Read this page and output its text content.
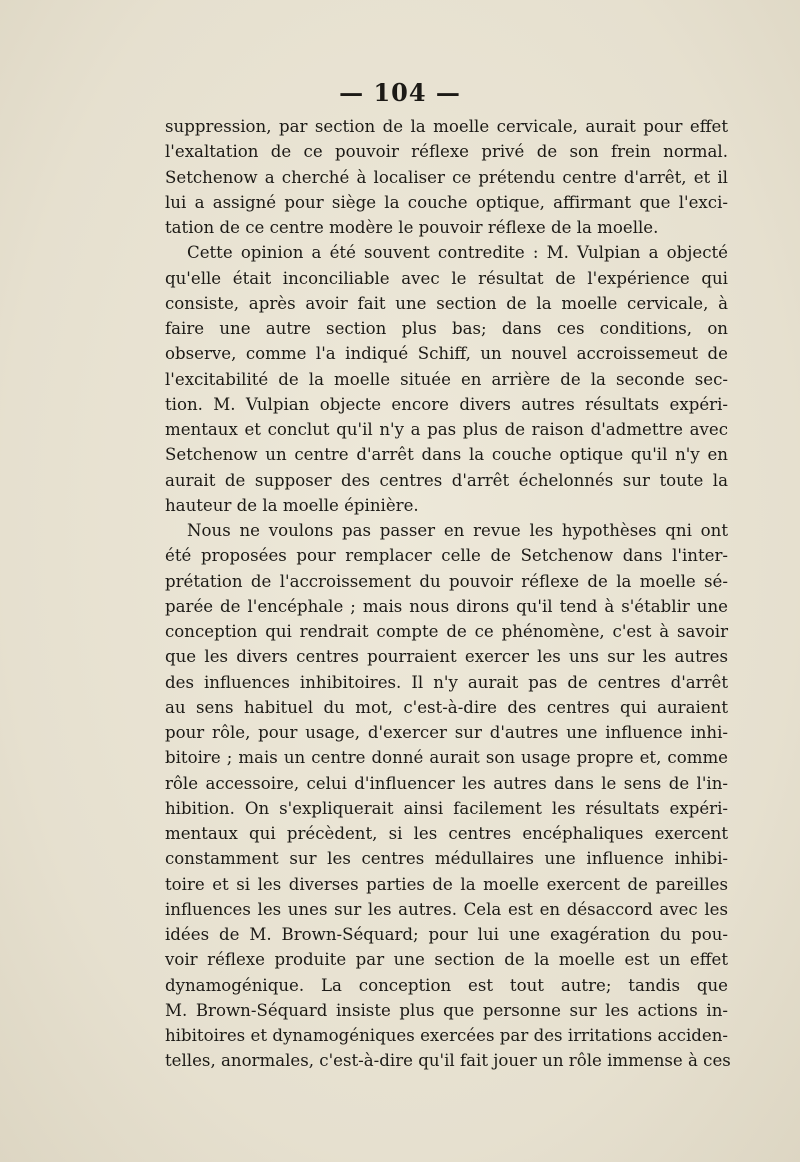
— 104 —
suppression, par section de la moelle cervicale, aurait pour effet
l'exaltation de ce pouvoir réflexe privé de son frein normal.
Setchenow a cherché à localiser ce prétendu centre d'arrêt, et il
lui a assigné pour siège la couche optique, affirmant que l'exci-
tation de ce centre modère le pouvoir réflexe de la moelle.
Cette opinion a été souvent contredite : M. Vulpian a objecté
qu'elle était inconciliable avec le résultat de l'expérience qui
consiste, après avoir fait une section de la moelle cervicale, à
faire une autre section plus bas; dans ces conditions, on
observe, comme l'a indiqué Schiff, un nouvel accroissemeut de
l'excitabilité de la moelle située en arrière de la seconde sec-
tion. M. Vulpian objecte encore divers autres résultats expéri-
mentaux et conclut qu'il n'y a pas plus de raison d'admettre avec
Setchenow un centre d'arrêt dans la couche optique qu'il n'y en
aurait de supposer des centres d'arrêt échelonnés sur toute la
hauteur de la moelle épinière.
Nous ne voulons pas passer en revue les hypothèses qni ont
été proposées pour remplacer celle de Setchenow dans l'inter-
prétation de l'accroissement du pouvoir réflexe de la moelle sé-
parée de l'encéphale ; mais nous dirons qu'il tend à s'établir une
conception qui rendrait compte de ce phénomène, c'est à savoir
que les divers centres pourraient exercer les uns sur les autres
des influences inhibitoires. Il n'y aurait pas de centres d'arrêt
au sens habituel du mot, c'est-à-dire des centres qui auraient
pour rôle, pour usage, d'exercer sur d'autres une influence inhi-
bitoire ; mais un centre donné aurait son usage propre et, comme
rôle accessoire, celui d'influencer les autres dans le sens de l'in-
hibition. On s'expliquerait ainsi facilement les résultats expéri-
mentaux qui précèdent, si les centres encéphaliques exercent
constamment sur les centres médullaires une influence inhibi-
toire et si les diverses parties de la moelle exercent de pareilles
influences les unes sur les autres. Cela est en désaccord avec les
idées de M. Brown-Séquard; pour lui une exagération du pou-
voir réflexe produite par une section de la moelle est un effet
dynamogénique. La conception est tout autre; tandis que
M. Brown-Séquard insiste plus que personne sur les actions in-
hibitoires et dynamogéniques exercées par des irritations acciden-
telles, anormales, c'est-à-dire qu'il fait jouer un rôle immense à ces
